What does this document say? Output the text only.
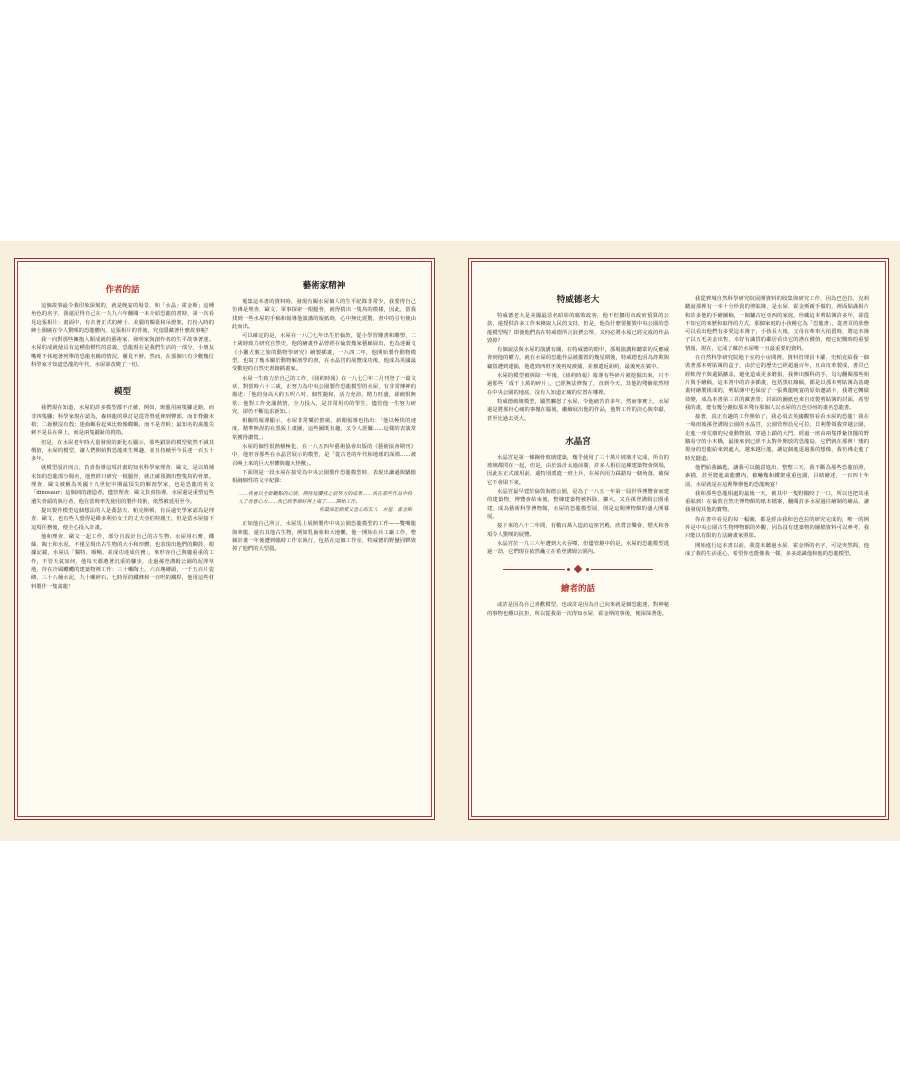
作者的話

這個故事最令我印象深刻的，就是晚宴的場景，和「水晶」霍金斯」這種角色的名字，我還記得自己在一九九六年翻閱一本介紹恐龍的書時，第一次看見這張相片：畫面中，有衣著正式的紳士、美麗的燭臺和吊燈架，打扮入時的紳士圍繞在令人驚嘆的恐龍體內，這張相片的背後，究竟隱藏著什麼故事呢？

我一向對那些擁抱人類成就的藝術家、發明家與創作者的生平故事著迷。水屋的成就使具有這種指標性的意義，恐龍現在是我們生活的一部分，小朋友嘴裡不休地著列舉的恐龍名稱的情況，屢見不鮮。然而，在那個只有少數幾位科學家才知道恐龍的年代，水屋卻改變了一切。

模型

我們現在知道，水屋的許多模型都不正確，例如，斑龍用兩隻腳走路，而非四隻腳；科學家現在認為，森林龍的鼻訂是從背脊延伸到臀部，而非脊髓末梢；二齒獸沒有殼；迷齒螈看起來比較像蠑螈，而不是青蛙；最知名的禽龍尖刺不是長在鼻上，而是兩隻鍛趾的拇指。

但是，在水屋老年時大量發現的新化石顯示，那些錯誤的模型依然不減其價值，水屋的模型，讓人們開始對恐龍產生興趣，並且持續至今長達一百五十多年。

就模型設計而言，負責指導這項計畫的知名科學家理查．歐文，是以填補未知的恐龍部分聞名，他曾經只研究一根腿骨，就正確預測出整隻鳥的骨架。理查．歐文被稱為英國十九世紀中期最頂尖的解剖學家，也是恐龍的英文「dinosaur」這個詞的創造者。儘管理查．歐文負責指導，水屋還是重塑這些遺失骨頭的執行者，他在當時率先使用的製作技術，依然被延用至今。

提出製作模型這個想法的人是喬瑟夫．帕克斯頓，有長遠史學家認為是理查．歐文，也有些人覺得是維多利亞女王的丈夫亞伯特親王，但是當水屋接下這項任務後，便全心投入計畫。

他和理查．歐文一起工作，部分自設計自己的古生物，水屋用石膏、鐵絲、陶土和水泥，不僅呈現出古生物的大小和形體，也表現出他們的鉚鼓、根據記載，水屋以「獨特、順暢、並成功達成任務」，來形容自己與龐重重的工作，不管天氣如何，他每天都遵著沉重的腳步，走過孫登溝姆公園的泥濘草地，待在冷風颼颼的建築物裡工作：三十噸陶土，六百塊磚頭，一千五百片瓷磚，三十八桶水泥，九十噸碎石，七時厚的鐵條和一百呎的鐵桿，他用這些材料製作一隻禽龍！

藝術家精神

蒐集這本書的資料時，發現有關水屋個人的生平紀錄非常少，我要得自己彷彿是理查．歐文、軍事探索一根腿骨，就得猜出一隻鳥的模樣，因此，當我找到一些水屋的手稿和報導他演講的報紙時，心中無比震驚，書中的引句便由此而出。

可以確定的是，水屋在一八〇七年出生於倫敦，從小學習雕書和雕塑，二十歲時致力研究自然史，他的繪畫作品曾經在倫敦幾家藝廊展出，也為達爾文《小獵犬號之旅的動物學研究》繪製插畫，一八四二年，他開始製作動物模型，也寫了幾本關於動物解剖學的書，在水晶宮的展覽成功後，他成為英國最受歡迎的自然史書籍插畫家。

水屋一生致力於自己的工作，《紐約時報》在一八七〇年二月刊登了一篇文章，對當時六十三歲，正努力為中央公園製作恐龍模型的水屋，有非常傳神的描述：「他的身高大約五呎八吋，個性隨和，活力充沛，精力旺盛，卻痛恨無常；他對工作充滿熱情，全力投入，是非常用功的學生，儘管他一生努力研究，卻仍不斷追求新知。」

相關的報導顯示，水屋非常樂於推廣，新聞報導也指出：「他以極快的速度，精準無誤的在黑板上畫圖，這些圖既有趣，又令人震懾……這樣的表演常常獲得讚賞。」

水屋的個性很熱積極化，在一八五四年藝術協會出版的《藝術協會期刊》中，他形容那些在水晶宮展示的模型，是「從古老的年代和地球的深淵……被召喚上來的巨大形體與龐大怪獸」。

下面則是一段水屋在接受為中央公園製作恐龍模型時，表現出謙遜與驕傲相融個性的文字紀錄：

……我會以全新觀點的心情，期待延續我之前努力的成果……我在那些作品中投入了善意心力……我已經準備好再上場了……開始工作。
你最深忠熱愛又忠心的友人　水屋．霍金斯

正如他自己所言，水屋馬上展開製作中央公園恐龍模型的工作——雙嘴龍與傘龍，還有其他古生物，例如乳齒象和大地懶，他一開始在兵工廠工作，整個計畫一年後遭到臨時工作室執行，包括在這個工作室，特威德的野蠻同夥毀掉了他們的大型殺。

特威德老大

特威德老大是美國最惡名昭彰的腐敗政客，他不但挪用市政府預算的公款，還授供許多工作來換取人民的支持，但是，他為什麼要摧毀中央公園的恐龍模型呢？即使他們真在特威德所言浪費公帑，又何必將水屋已經完成的作品毀掉？

有個說法與水屋的演講有關，在特威德的眼中，那場演講和聽眾的反應威脅到他的權力，就在水屋的恐龍作品被摧毀的幾星期後，特威德也因為詐欺與竊盜遭到逮捕，他逃到西班牙後再度被捕，並被遣返紐約，最後死在獄中。

水屋的模型被拆除一年後，《紐約時報》報導有些碎片被挖掘出來，只不過那些「成千上萬的碎片」，已經無法修復了，直到今天，其他的殘骸依然埋在中央公園的地底，沒有人知道正確的位置在哪裡。

特威德破壞模型，顯然觸怒了水屋，令他痛苦許多年，然而事實上，水屋還是將那份心痛的事拋在腦後，繼續展出他的作品，他對工作的決心與奉獻，甚至比過去更大。

水晶宮

水晶宮是第一棟鋼骨玻璃建築，幾乎使用了三十萬片玻璃才完成，所有的玻璃都閃在一起，但是，由於設計太過前衛，許多人相信這棟建築物會倒塌，因此在正式啟用前，還特別派遣一班士兵，在屋內用力踩踏每一個角落，確保它不會塌下來。

水晶宮最早建於倫敦海德公園，是為了一八五一年第一屆世界博覽會而建的建築物，博覽會結束後，整棟建築物被拆除，擴大，又在孫登溝姆公園重建，成為藝術科學博物館，水屋的恐龍模型展，則是這間博物館的盛大開幕展。

接下來的八十二年間，有數百萬人造訪這座宮殿，欣賞音樂會，煙火和各項令人驚嘆的展覽。

水晶宮於一九三六年遭到大火吞噬，但儘管燒中的是，水屋的恐龍模型逃過一劫，它們現在依然矗立在希登溝姆公園內。

繪者的話

或許是因為自己喜歡模型，也或許是因為自己向來就是個恐龍迷，對神秘的事物也難以抗拒，所以從我第一次得知水屋．霍金斯的事後，便深深著迷。

我從費城自然科學研究院展開資料的收集與研究工作，因為巴芭拉，克莉聽說那裡有一本十分珍貴的剪貼簿，是水屋．霍金斯親手做的，裡面貼滿相片和許多他的手繪圖稿，一個鏽古厄亞西的家庭，珍藏這本剪貼簿許多年，卻從不知它的來歷和取得的方式，那個家庭的小孩稱它為「恐龍書」，從書頁的狀態可以看出他們有多愛這本簿子，小孩長大後，父母在牽車大拍賣時，將這本簿子以五毛美金出售，幸好有識貨的鄰居看出它的潛在價值，便它紀購時的重要情報，現在，它成了藏於水屋唯一且最重要的資料。

在自然科學研究院地下室的小房間裡，資料管理員卡蘿．史帕克給我一個裝著那本剪貼簿的盒子，由於它的歷史已經超過百年，且由皮革製成，書頁已經軟得不與還隔擴盖，避免造成更多磨損，我伸出顫科的手，勾勾翻閱那些相片與手繪稿，這本書中的許多插畫，包括黑紅線稿，都是以那本剪貼簿為基礎畫材繪製組成的，剪貼簿中也保留了一張典龍晚宴的原始邀請卡，我將它轉做效變，成為本書第三頁的藏書票；封面的圖紙也來自皮製剪貼簿的封面，希望我的畫，能有幾分鐘似那本殘存那個人以水屋的吉芭亞州的畫名恐龍書。

接著，真正有趣的工作開始了，我必須去英國觀察看看水屋的恐龍！我在一場雨後孫登溝姆公園的水晶宮，公園管理員尼可拉，貝利帶領我穿越公園，走進一座荒廢的兒童動物園，穿過上鎖的大門，經過一座由兩隻掙紮扭擺的野鵝看守的小木橋，最後來到已經不太對外開放的恐龍島，它們就在那裡！矮的現身的恐龍給來到處大，越來越巨龍，讓這個進退過我的想像，我彷彿走進了時光隧道。

他們給我鑰匙，讓我可以隨意進出，整整三天，我不斷為那些恐龍拍照，素描，甚至爬進禽龍體內，被嚇幾和鐵架重重包圍，目睹繪述，一百四十年前，水屋就是在這裡舉辦他的恐龍晚宴！

我和那些恐龍相處的最後一天，被其中一隻野鵝咬了一口，所以也把其重重貼到！在倫敦自然史博物館的紙本檔案，翻閱許多水屋過往繪制的繪品，讓我發現其他的寶物。

你在書中看見的每一幅圖，都是經由我和芭芭拉的研究完成的，唯一的例外是中央公園古生物博物館的外觀，因為沒有建築物的圖檔資料可以參考，我只能以有限的方法繪畫家照影。

開始進行這本書以前，我從未聽過水屋．霍金斯的名字，可是突然間，他成了我的生活重心，希望你也能像我一樣，多多認識他和他的恐龍模型。
